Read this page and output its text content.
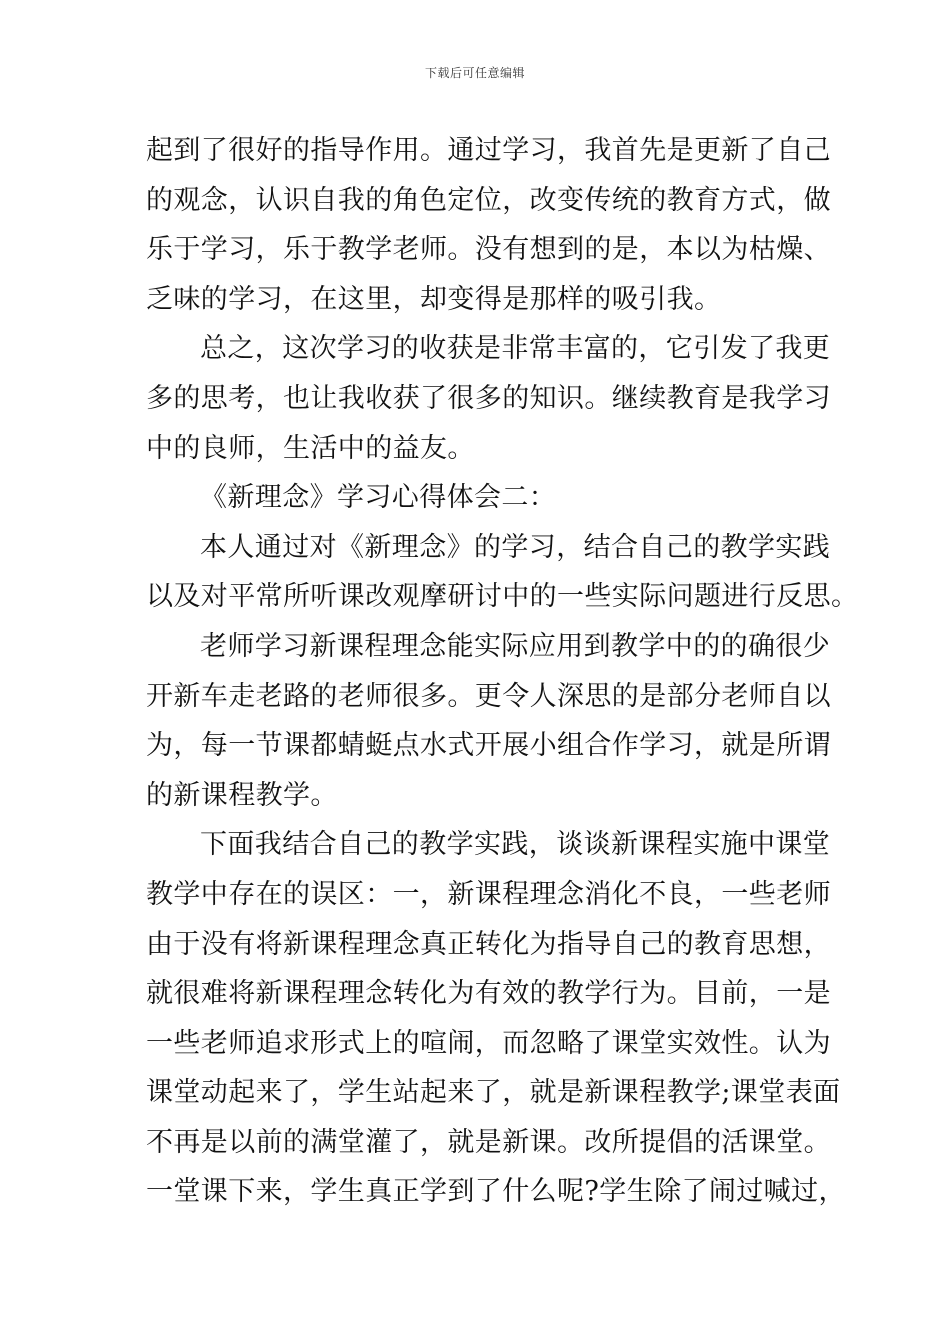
下载后可任意编辑
起到了很好的指导作用。通过学习，我首先是更新了自己
的观念，认识自我的角色定位，改变传统的教育方式，做
乐于学习，乐于教学老师。没有想到的是，本以为枯燥、
乏味的学习，在这里，却变得是那样的吸引我。
总之，这次学习的收获是非常丰富的，它引发了我更
多的思考，也让我收获了很多的知识。继续教育是我学习
中的良师，生活中的益友。
《新理念》学习心得体会二：
本人通过对《新理念》的学习，结合自己的教学实践
以及对平常所听课改观摩研讨中的一些实际问题进行反思。
老师学习新课程理念能实际应用到教学中的的确很少
开新车走老路的老师很多。更令人深思的是部分老师自以
为，每一节课都蜻蜓点水式开展小组合作学习，就是所谓
的新课程教学。
下面我结合自己的教学实践，谈谈新课程实施中课堂
教学中存在的误区：一，新课程理念消化不良，一些老师
由于没有将新课程理念真正转化为指导自己的教育思想，
就很难将新课程理念转化为有效的教学行为。目前，一是
一些老师追求形式上的喧闹，而忽略了课堂实效性。认为
课堂动起来了，学生站起来了，就是新课程教学;课堂表面
不再是以前的满堂灌了，就是新课。改所提倡的活课堂。
一堂课下来，学生真正学到了什么呢?学生除了闹过喊过，
